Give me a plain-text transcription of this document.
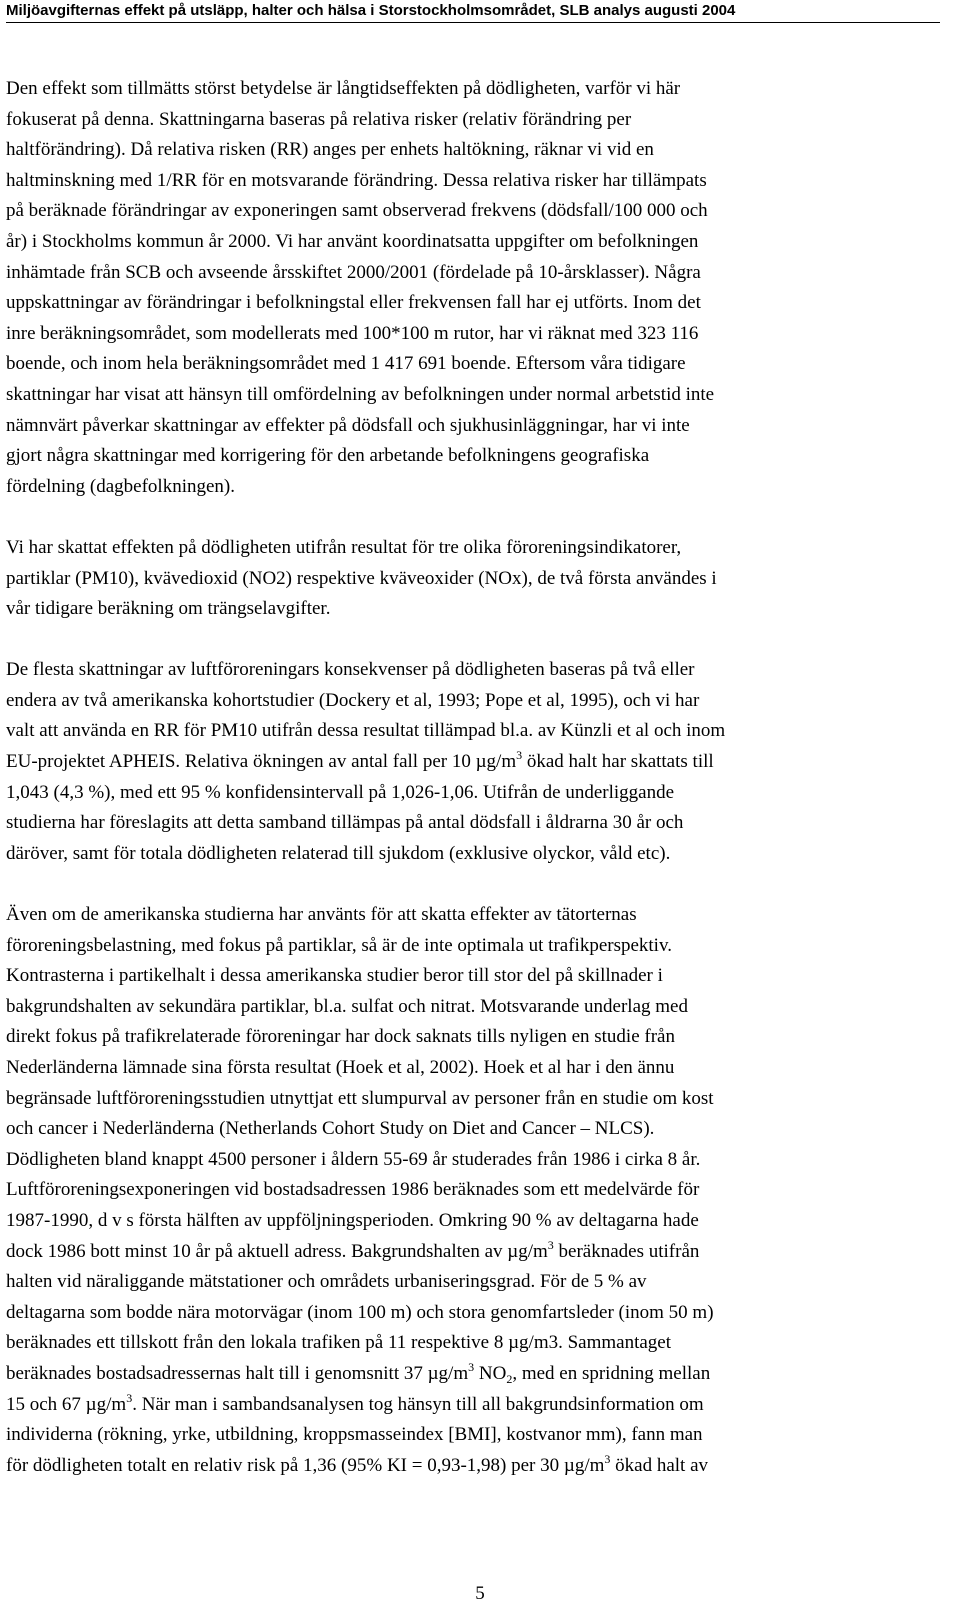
Miljöavgifternas effekt på utsläpp, halter och hälsa i Storstockholmsområdet, SLB analys augusti 2004
Den effekt som tillmätts störst betydelse är långtidseffekten på dödligheten, varför vi här
fokuserat på denna. Skattningarna baseras på relativa risker (relativ förändring per
haltförändring). Då relativa risken (RR) anges per enhets haltökning, räknar vi vid en
haltminskning med 1/RR för en motsvarande förändring. Dessa relativa risker har tillämpats
på beräknade förändringar av exponeringen samt observerad frekvens (dödsfall/100 000 och
år) i Stockholms kommun år 2000. Vi har använt koordinatsatta uppgifter om befolkningen
inhämtade från SCB och avseende årsskiftet 2000/2001 (fördelade på 10-årsklasser). Några
uppskattningar av förändringar i befolkningstal eller frekvensen fall har ej utförts. Inom det
inre beräkningsområdet, som modellerats med 100*100 m rutor, har vi räknat med 323 116
boende, och inom hela beräkningsområdet med 1 417 691 boende. Eftersom våra tidigare
skattningar har visat att hänsyn till omfördelning av befolkningen under normal arbetstid inte
nämnvärt påverkar skattningar av effekter på dödsfall och sjukhusinläggningar, har vi inte
gjort några skattningar med korrigering för den arbetande befolkningens geografiska
fördelning (dagbefolkningen).
Vi har skattat effekten på dödligheten utifrån resultat för tre olika föroreningsindikatorer,
partiklar (PM10), kvävedioxid (NO2) respektive kväveoxider (NOx), de två första användes i
vår tidigare beräkning om trängselavgifter.
De flesta skattningar av luftföroreningars konsekvenser på dödligheten baseras på två eller
endera av två amerikanska kohortstudier (Dockery et al, 1993; Pope et al, 1995), och vi har
valt att använda en RR för PM10 utifrån dessa resultat tillämpad bl.a. av Künzli et al och inom
EU-projektet APHEIS. Relativa ökningen av antal fall per 10 $\mu g/m^3$ ökad halt har skattats till
1,043 (4,3 %), med ett 95 % konfidensintervall på 1,026-1,06. Utifrån de underliggande
studierna har föreslagits att detta samband tillämpas på antal dödsfall i åldrarna 30 år och
däröver, samt för totala dödligheten relaterad till sjukdom (exklusive olyckor, våld etc).
Även om de amerikanska studierna har använts för att skatta effekter av tätorternas
föroreningsbelastning, med fokus på partiklar, så är de inte optimala ut trafikperspektiv.
Kontrasterna i partikelhalt i dessa amerikanska studier beror till stor del på skillnader i
bakgrundshalten av sekundära partiklar, bl.a. sulfat och nitrat. Motsvarande underlag med
direkt fokus på trafikrelaterade föroreningar har dock saknats tills nyligen en studie från
Nederländerna lämnade sina första resultat (Hoek et al, 2002). Hoek et al har i den ännu
begränsade luftföroreningsstudien utnyttjat ett slumpurval av personer från en studie om kost
och cancer i Nederländerna (Netherlands Cohort Study on Diet and Cancer – NLCS).
Dödligheten bland knappt 4500 personer i åldern 55-69 år studerades från 1986 i cirka 8 år.
Luftföroreningsexponeringen vid bostadsadressen 1986 beräknades som ett medelvärde för
1987-1990, d v s första hälften av uppföljningsperioden. Omkring 90 % av deltagarna hade
dock 1986 bott minst 10 år på aktuell adress. Bakgrundshalten av $\mu g/m^3$ beräknades utifrån
halten vid näraliggande mätstationer och områdets urbaniseringsgrad. För de 5 % av
deltagarna som bodde nära motorvägar (inom 100 m) och stora genomfartsleder (inom 50 m)
beräknades ett tillskott från den lokala trafiken på 11 respektive 8 µg/m3. Sammantaget
beräknades bostadsadressernas halt till i genomsnitt 37 $\mu g/m^3$ $NO_2$, med en spridning mellan
15 och 67 $\mu g/m^3$. När man i sambandsanalysen tog hänsyn till all bakgrundsinformation om
individerna (rökning, yrke, utbildning, kroppsmasseindex [BMI], kostvanor mm), fann man
för dödligheten totalt en relativ risk på 1,36 (95% KI = 0,93-1,98) per 30 $\mu g/m^3$ ökad halt av
5
